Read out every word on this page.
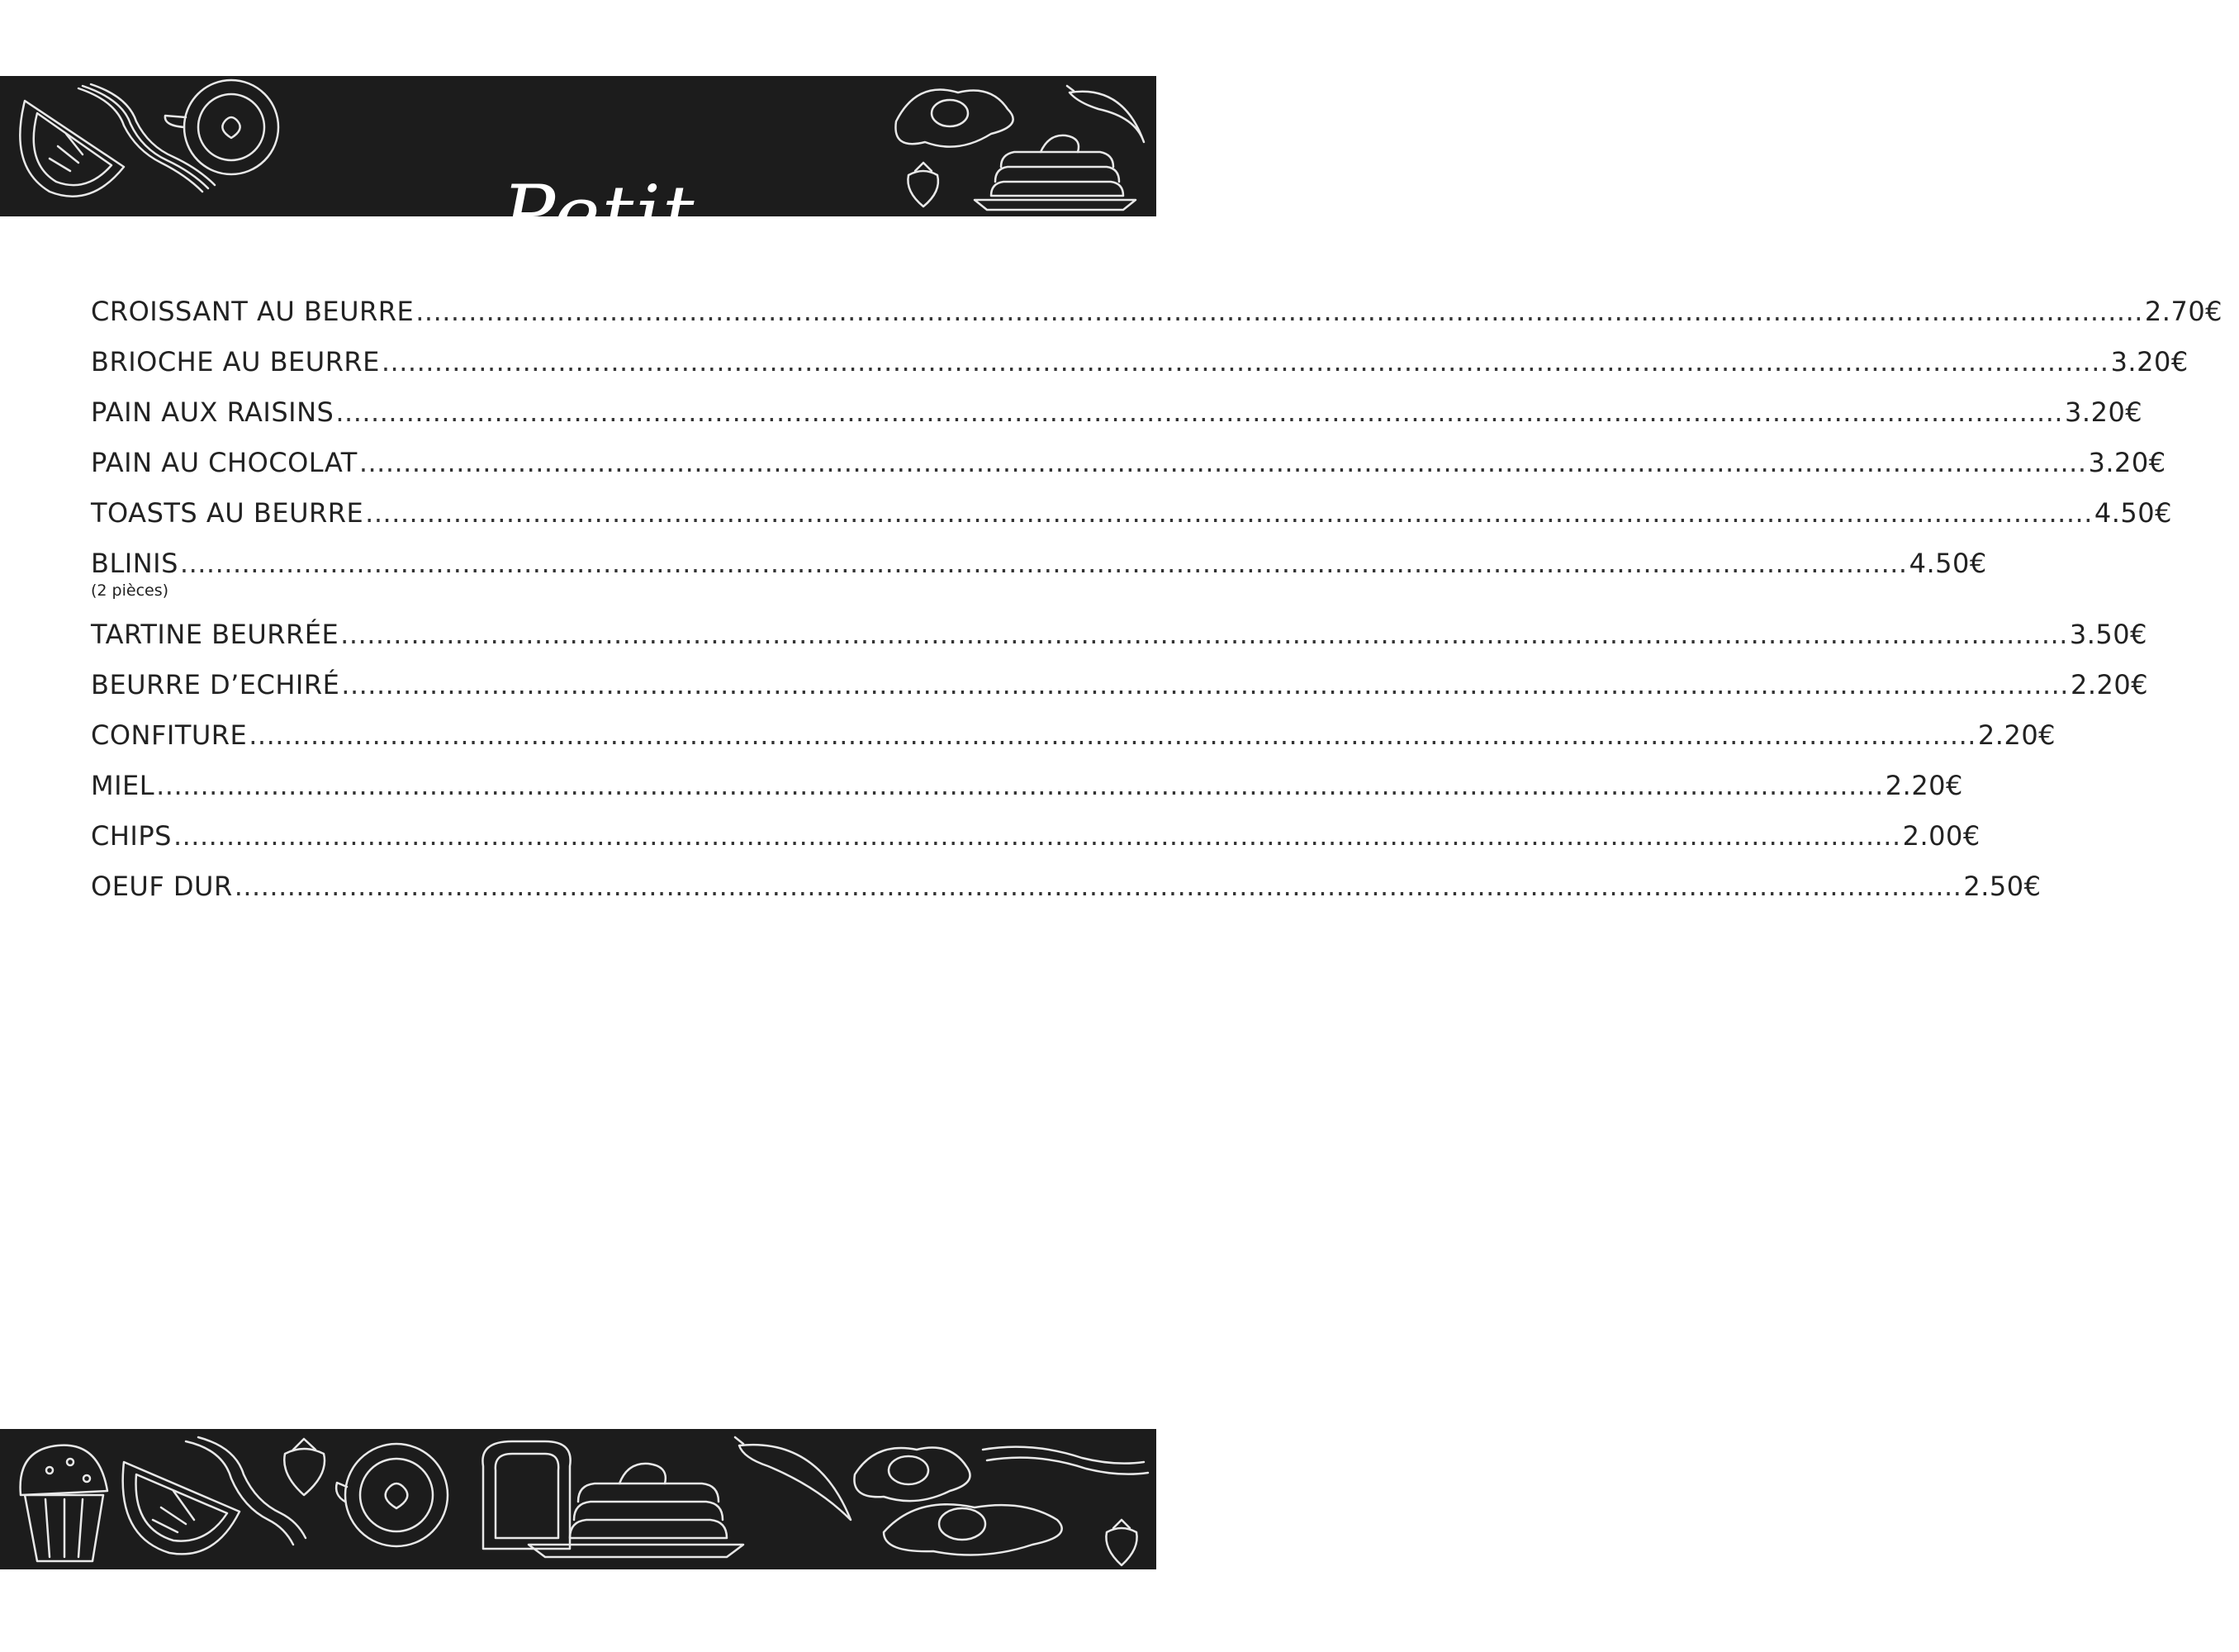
Petit Dejeuner
CROISSANT AU BEURRE .....	2.70€
BRIOCHE AU BEURRE .....	3.20€
PAIN AUX RAISINS .....	3.20€
PAIN AU CHOCOLAT .....	3.20€
TOASTS AU BEURRE .....	4.50€
BLINIS .....	4.50€
(2 pièces)
TARTINE BEURRÉE .....	3.50€
BEURRE D’ECHIRÉ .....	2.20€
CONFITURE .....	2.20€
MIEL .....	2.20€
CHIPS .....	2.00€
OEUF DUR .....	2.50€
